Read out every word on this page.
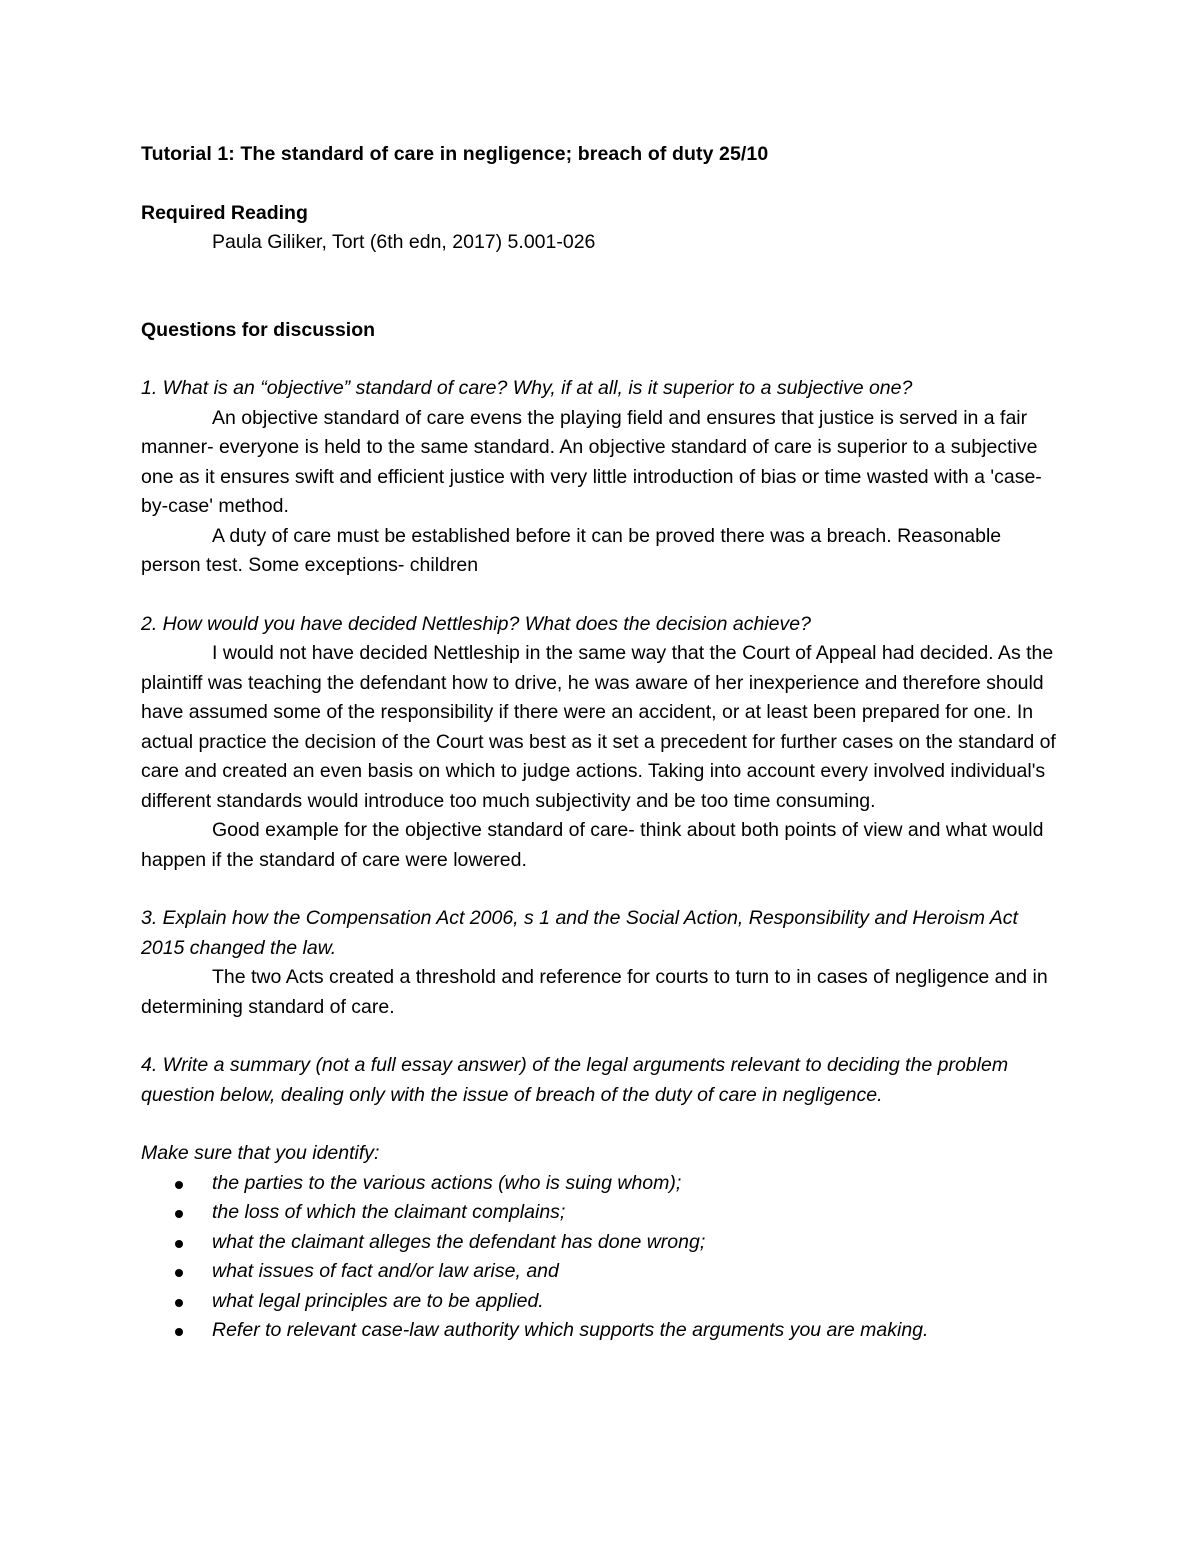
Tutorial 1: The standard of care in negligence; breach of duty 25/10

Required Reading

Paula Giliker, Tort (6th edn, 2017) 5.001-026

Questions for discussion

1. What is an “objective” standard of care? Why, if at all, is it superior to a subjective one?

An objective standard of care evens the playing field and ensures that justice is served in a fair manner- everyone is held to the same standard. An objective standard of care is superior to a subjective one as it ensures swift and efficient justice with very little introduction of bias or time wasted with a 'case-by-case' method.

A duty of care must be established before it can be proved there was a breach. Reasonable person test. Some exceptions- children

2. How would you have decided Nettleship? What does the decision achieve?

I would not have decided Nettleship in the same way that the Court of Appeal had decided. As the plaintiff was teaching the defendant how to drive, he was aware of her inexperience and therefore should have assumed some of the responsibility if there were an accident, or at least been prepared for one. In actual practice the decision of the Court was best as it set a precedent for further cases on the standard of care and created an even basis on which to judge actions. Taking into account every involved individual's different standards would introduce too much subjectivity and be too time consuming.

Good example for the objective standard of care- think about both points of view and what would happen if the standard of care were lowered.

3. Explain how the Compensation Act 2006, s 1 and the Social Action, Responsibility and Heroism Act 2015 changed the law.

The two Acts created a threshold and reference for courts to turn to in cases of negligence and in determining standard of care.

4. Write a summary (not a full essay answer) of the legal arguments relevant to deciding the problem question below, dealing only with the issue of breach of the duty of care in negligence.

Make sure that you identify:

the parties to the various actions (who is suing whom);
the loss of which the claimant complains;
what the claimant alleges the defendant has done wrong;
what issues of fact and/or law arise, and
what legal principles are to be applied.
Refer to relevant case-law authority which supports the arguments you are making.
